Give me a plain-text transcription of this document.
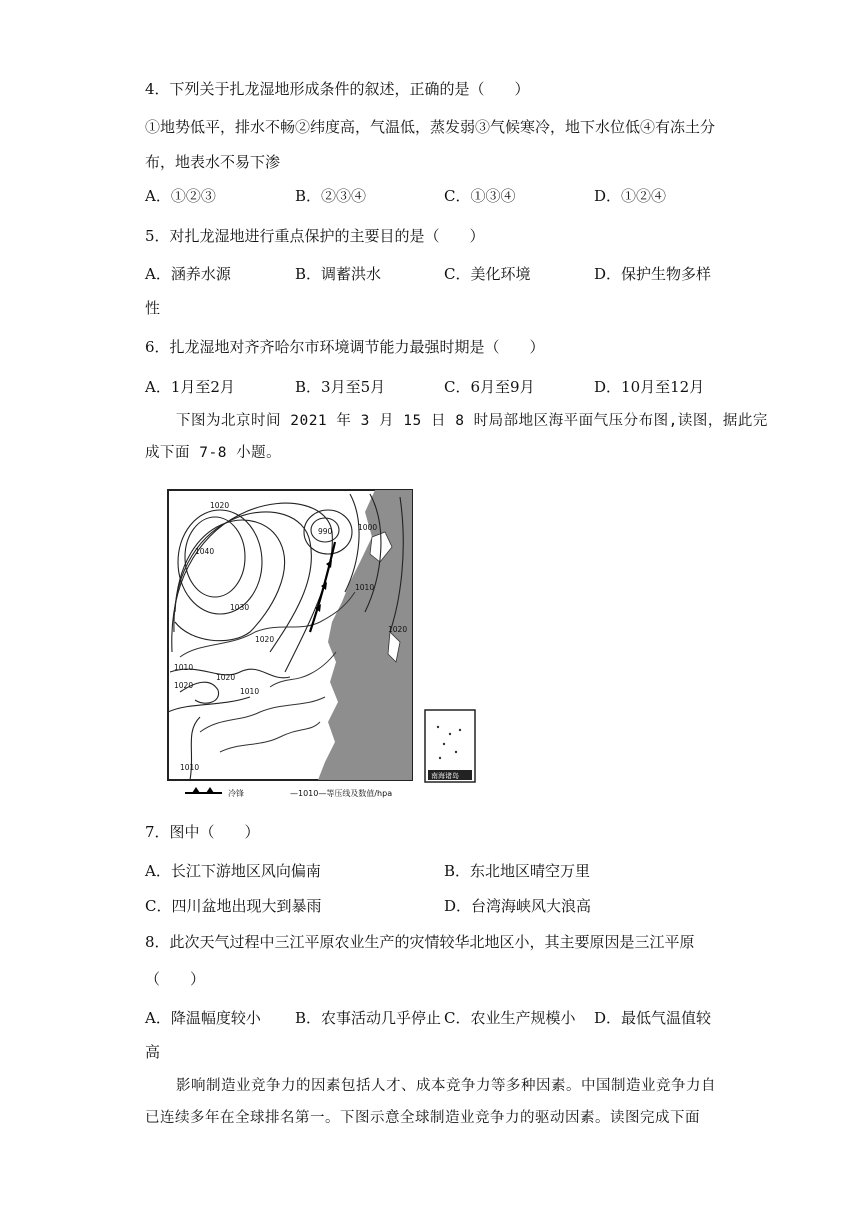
4．下列关于扎龙湿地形成条件的叙述，正确的是（　　）
①地势低平，排水不畅②纬度高，气温低，蒸发弱③气候寒冷，地下水位低④有冻土分
布，地表水不易下渗
A．①②③	B．②③④	C．①③④	D．①②④
5．对扎龙湿地进行重点保护的主要目的是（　　）
A．涵养水源	B．调蓄洪水	C．美化环境	D．保护生物多样
性
6．扎龙湿地对齐齐哈尔市环境调节能力最强时期是（　　）
A．1月至2月	B．3月至5月	C．6月至9月	D．10月至12月
下图为北京时间 2021 年 3 月 15 日 8 时局部地区海平面气压分布图,读图，据此完
成下面 7-8 小题。
1020
1040
1030
1020
990	1000
1010
1020
1010
1020
1020
1010
1010
南海诸岛
冷锋	—1010—等压线及数值/hpa
7．图中（　　）
A．长江下游地区风向偏南	B．东北地区晴空万里
C．四川盆地出现大到暴雨	D．台湾海峡风大浪高
8．此次天气过程中三江平原农业生产的灾情较华北地区小，其主要原因是三江平原
（　　）
A．降温幅度较小 B．农事活动几乎停止 C．农业生产规模小 D．最低气温值较
高
影响制造业竞争力的因素包括人才、成本竞争力等多种因素。中国制造业竞争力自
已连续多年在全球排名第一。下图示意全球制造业竞争力的驱动因素。读图完成下面
